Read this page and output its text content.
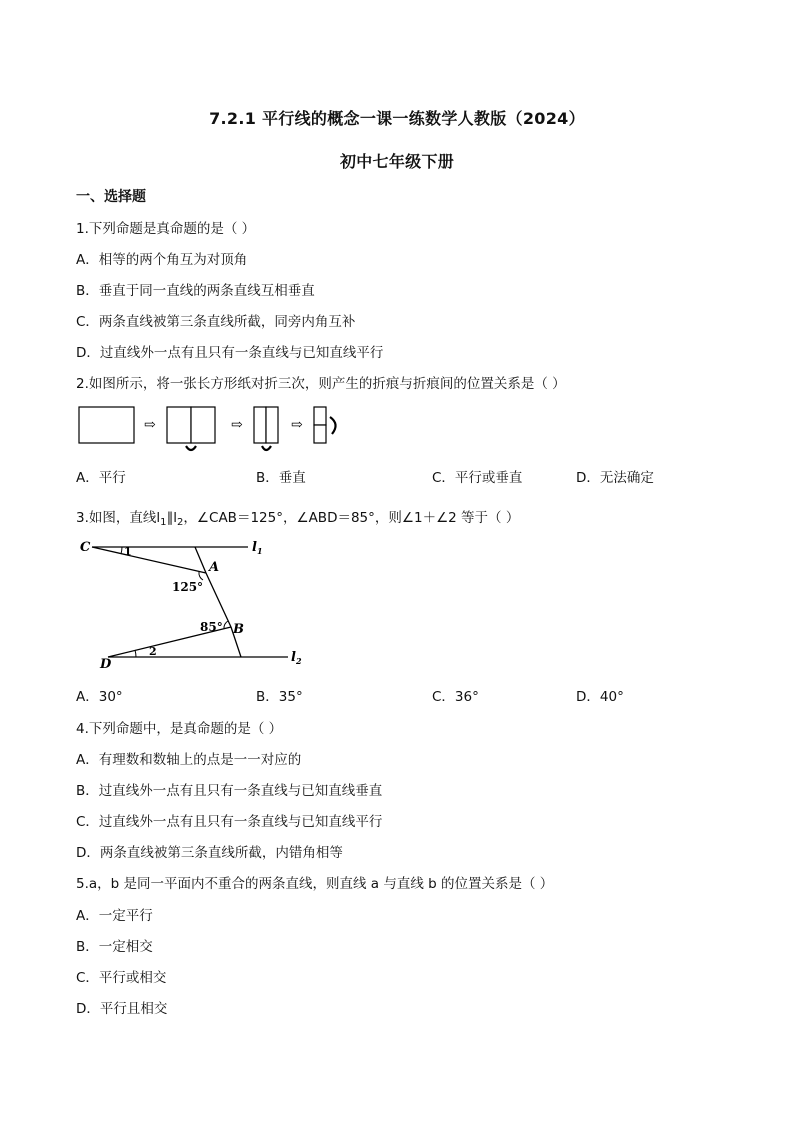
7.2.1 平行线的概念一课一练数学人教版（2024）
初中七年级下册
一、选择题
1.下列命题是真命题的是（ ）
A．相等的两个角互为对顶角
B．垂直于同一直线的两条直线互相垂直
C．两条直线被第三条直线所截，同旁内角互补
D．过直线外一点有且只有一条直线与已知直线平行
2.如图所示，将一张长方形纸对折三次，则产生的折痕与折痕间的位置关系是（ ）
⇨	⇨	⇨
A．平行	B．垂直	C．平行或垂直	D．无法确定
3.如图，直线$l_1\parallel l_2$，∠CAB＝125°，∠ABD＝85°，则∠1＋∠2 等于（ ）
C
A
B
D
$l_1$
$l_2$
125°
85°
1
2
A．30°	B．35°	C．36°	D．40°
4.下列命题中，是真命题的是（ ）
A．有理数和数轴上的点是一一对应的
B．过直线外一点有且只有一条直线与已知直线垂直
C．过直线外一点有且只有一条直线与已知直线平行
D．两条直线被第三条直线所截，内错角相等
5.a，b 是同一平面内不重合的两条直线，则直线 a 与直线 b 的位置关系是（ ）
A．一定平行
B．一定相交
C．平行或相交
D．平行且相交
